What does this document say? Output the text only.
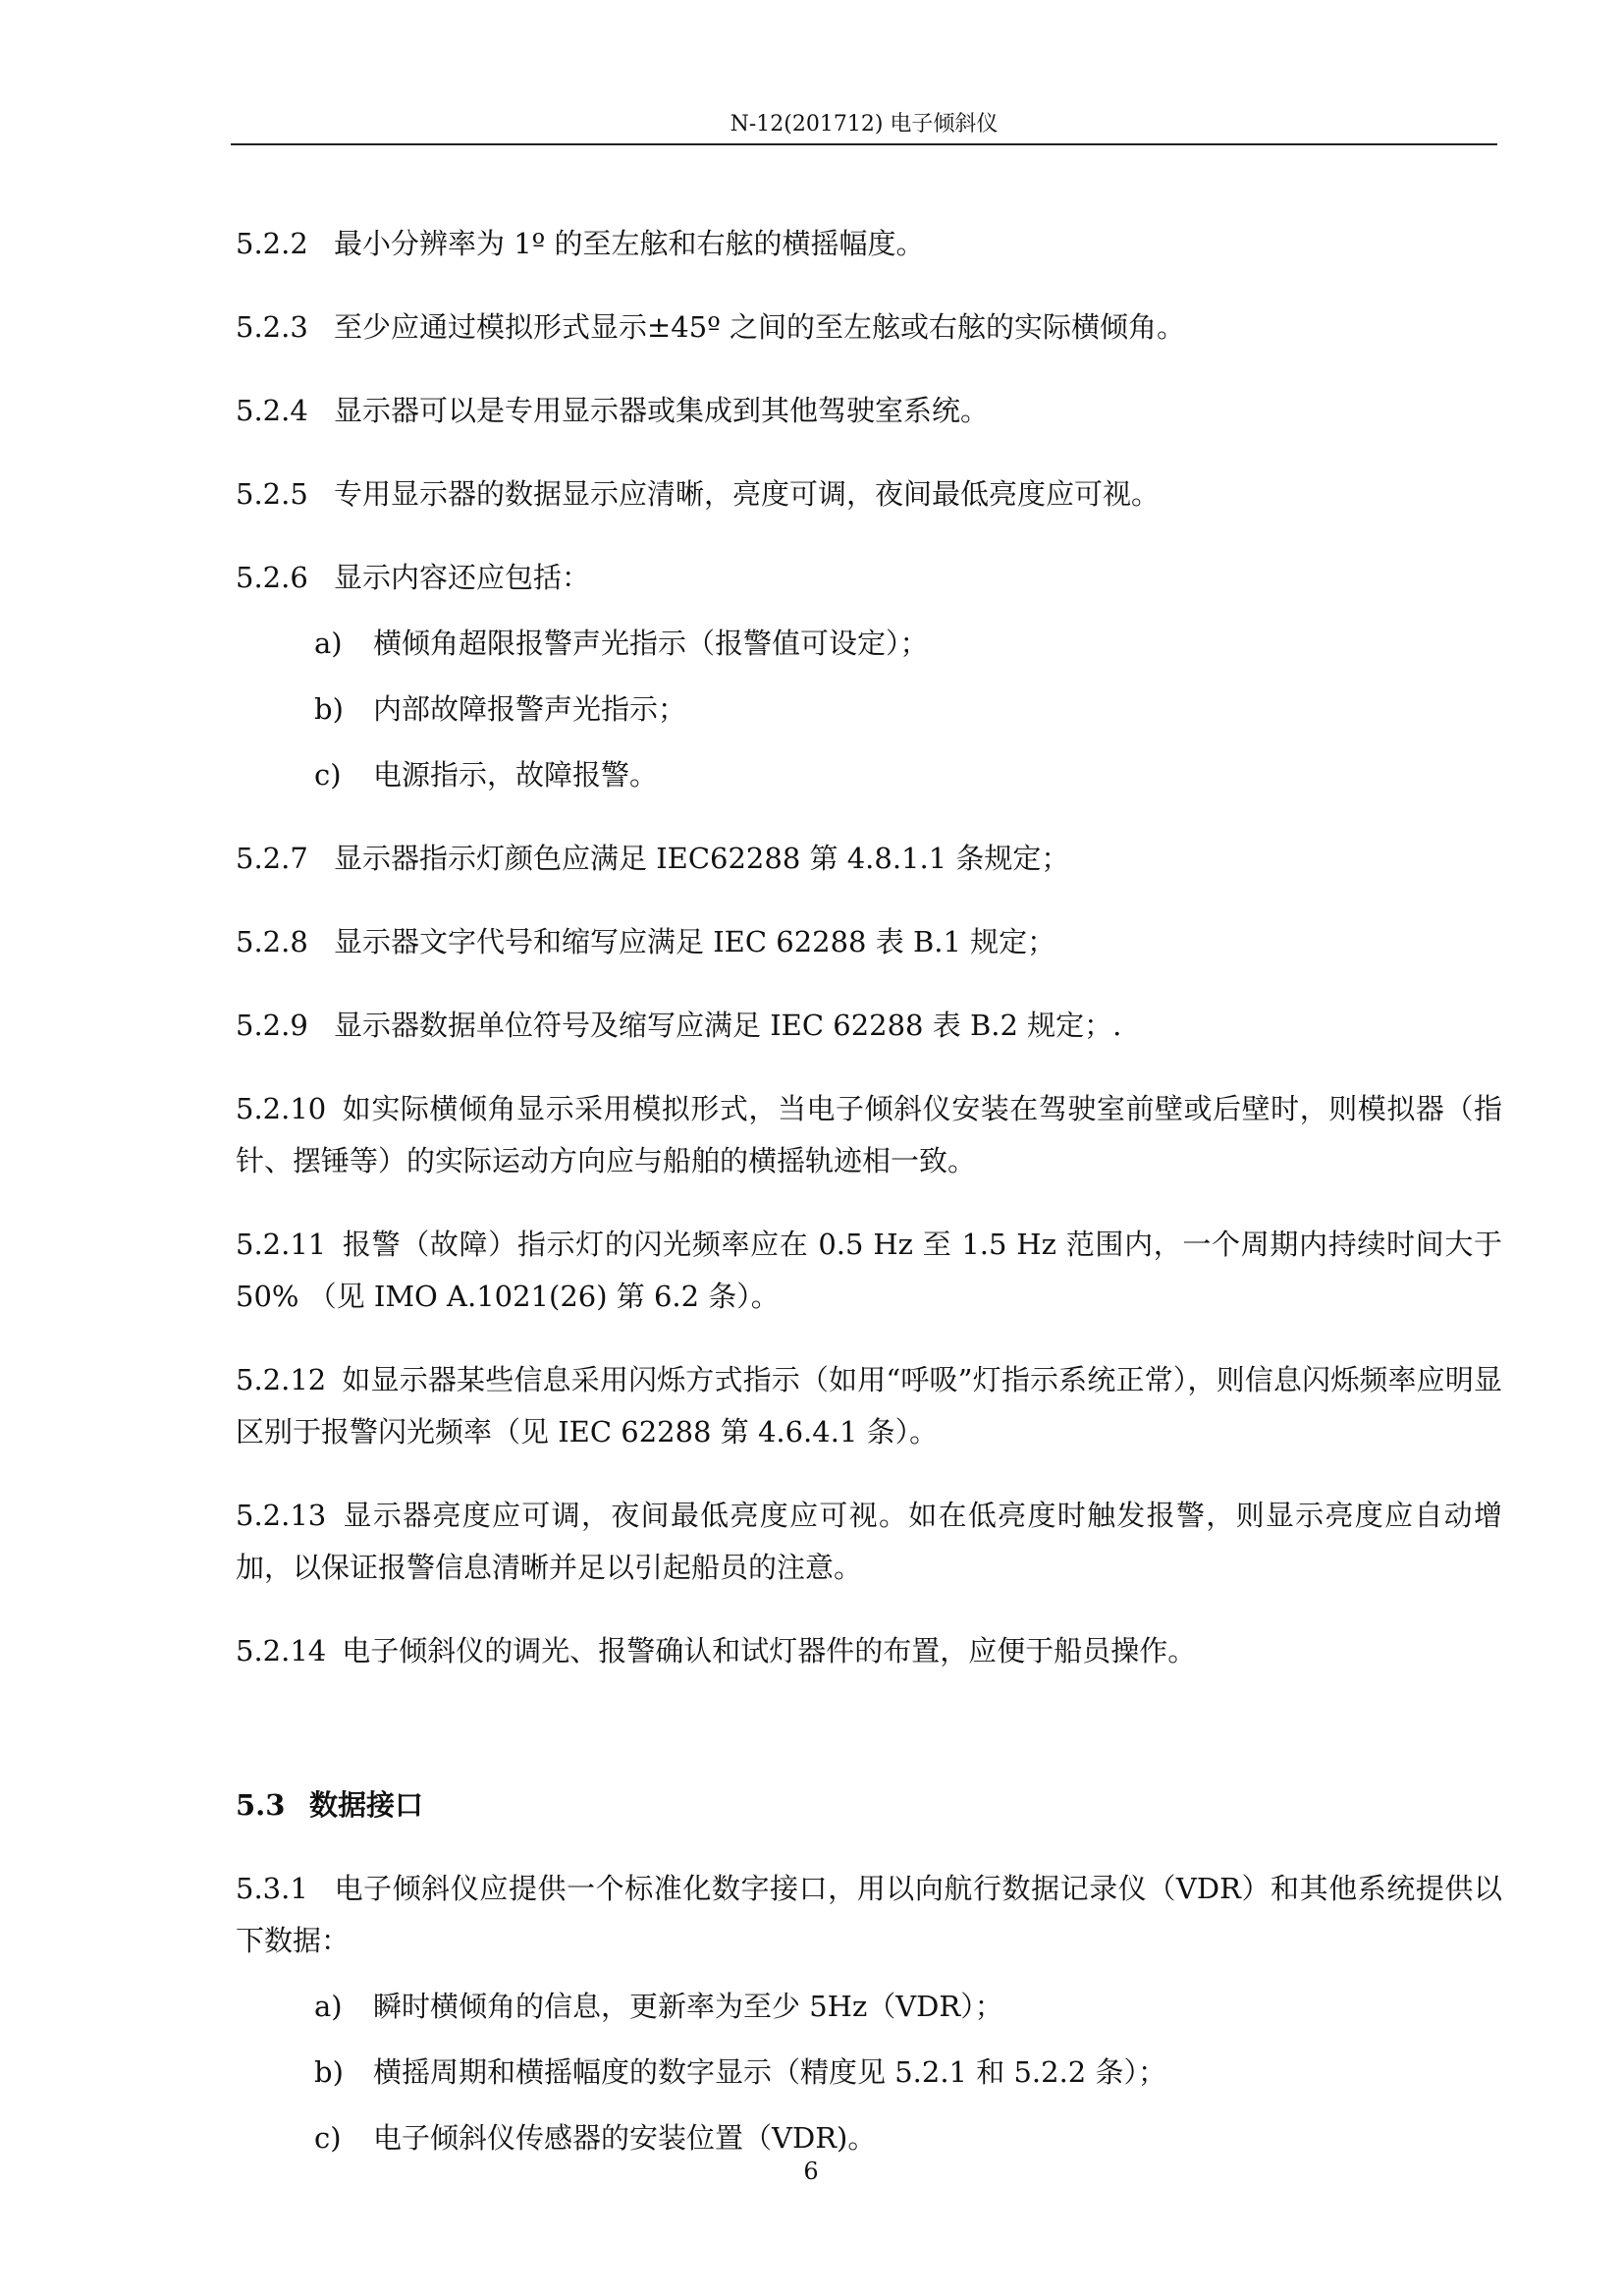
N-12(201712) 电子倾斜仪

5.2.2 最小分辨率为 1º 的至左舷和右舷的横摇幅度。

5.2.3 至少应通过模拟形式显示±45º 之间的至左舷或右舷的实际横倾角。

5.2.4 显示器可以是专用显示器或集成到其他驾驶室系统。

5.2.5 专用显示器的数据显示应清晰，亮度可调，夜间最低亮度应可视。

5.2.6 显示内容还应包括：

a) 横倾角超限报警声光指示（报警值可设定）；
b) 内部故障报警声光指示；
c) 电源指示，故障报警。

5.2.7 显示器指示灯颜色应满足 IEC62288 第 4.8.1.1 条规定；

5.2.8 显示器文字代号和缩写应满足 IEC 62288 表 B.1 规定；

5.2.9 显示器数据单位符号及缩写应满足 IEC 62288 表 B.2 规定；.

5.2.10 如实际横倾角显示采用模拟形式，当电子倾斜仪安装在驾驶室前壁或后壁时，则模拟器（指针、摆锤等）的实际运动方向应与船舶的横摇轨迹相一致。

5.2.11 报警（故障）指示灯的闪光频率应在 0.5 Hz 至 1.5 Hz 范围内，一个周期内持续时间大于 50% （见 IMO A.1021(26) 第 6.2 条）。

5.2.12 如显示器某些信息采用闪烁方式指示（如用“呼吸”灯指示系统正常），则信息闪烁频率应明显区别于报警闪光频率（见 IEC 62288 第 4.6.4.1 条）。

5.2.13 显示器亮度应可调，夜间最低亮度应可视。如在低亮度时触发报警，则显示亮度应自动增加，以保证报警信息清晰并足以引起船员的注意。

5.2.14 电子倾斜仪的调光、报警确认和试灯器件的布置，应便于船员操作。

5.3 数据接口

5.3.1 电子倾斜仪应提供一个标准化数字接口，用以向航行数据记录仪（VDR）和其他系统提供以下数据：

a) 瞬时横倾角的信息，更新率为至少 5Hz（VDR）；
b) 横摇周期和横摇幅度的数字显示（精度见 5.2.1 和 5.2.2 条）；
c) 电子倾斜仪传感器的安装位置（VDR)。
6
